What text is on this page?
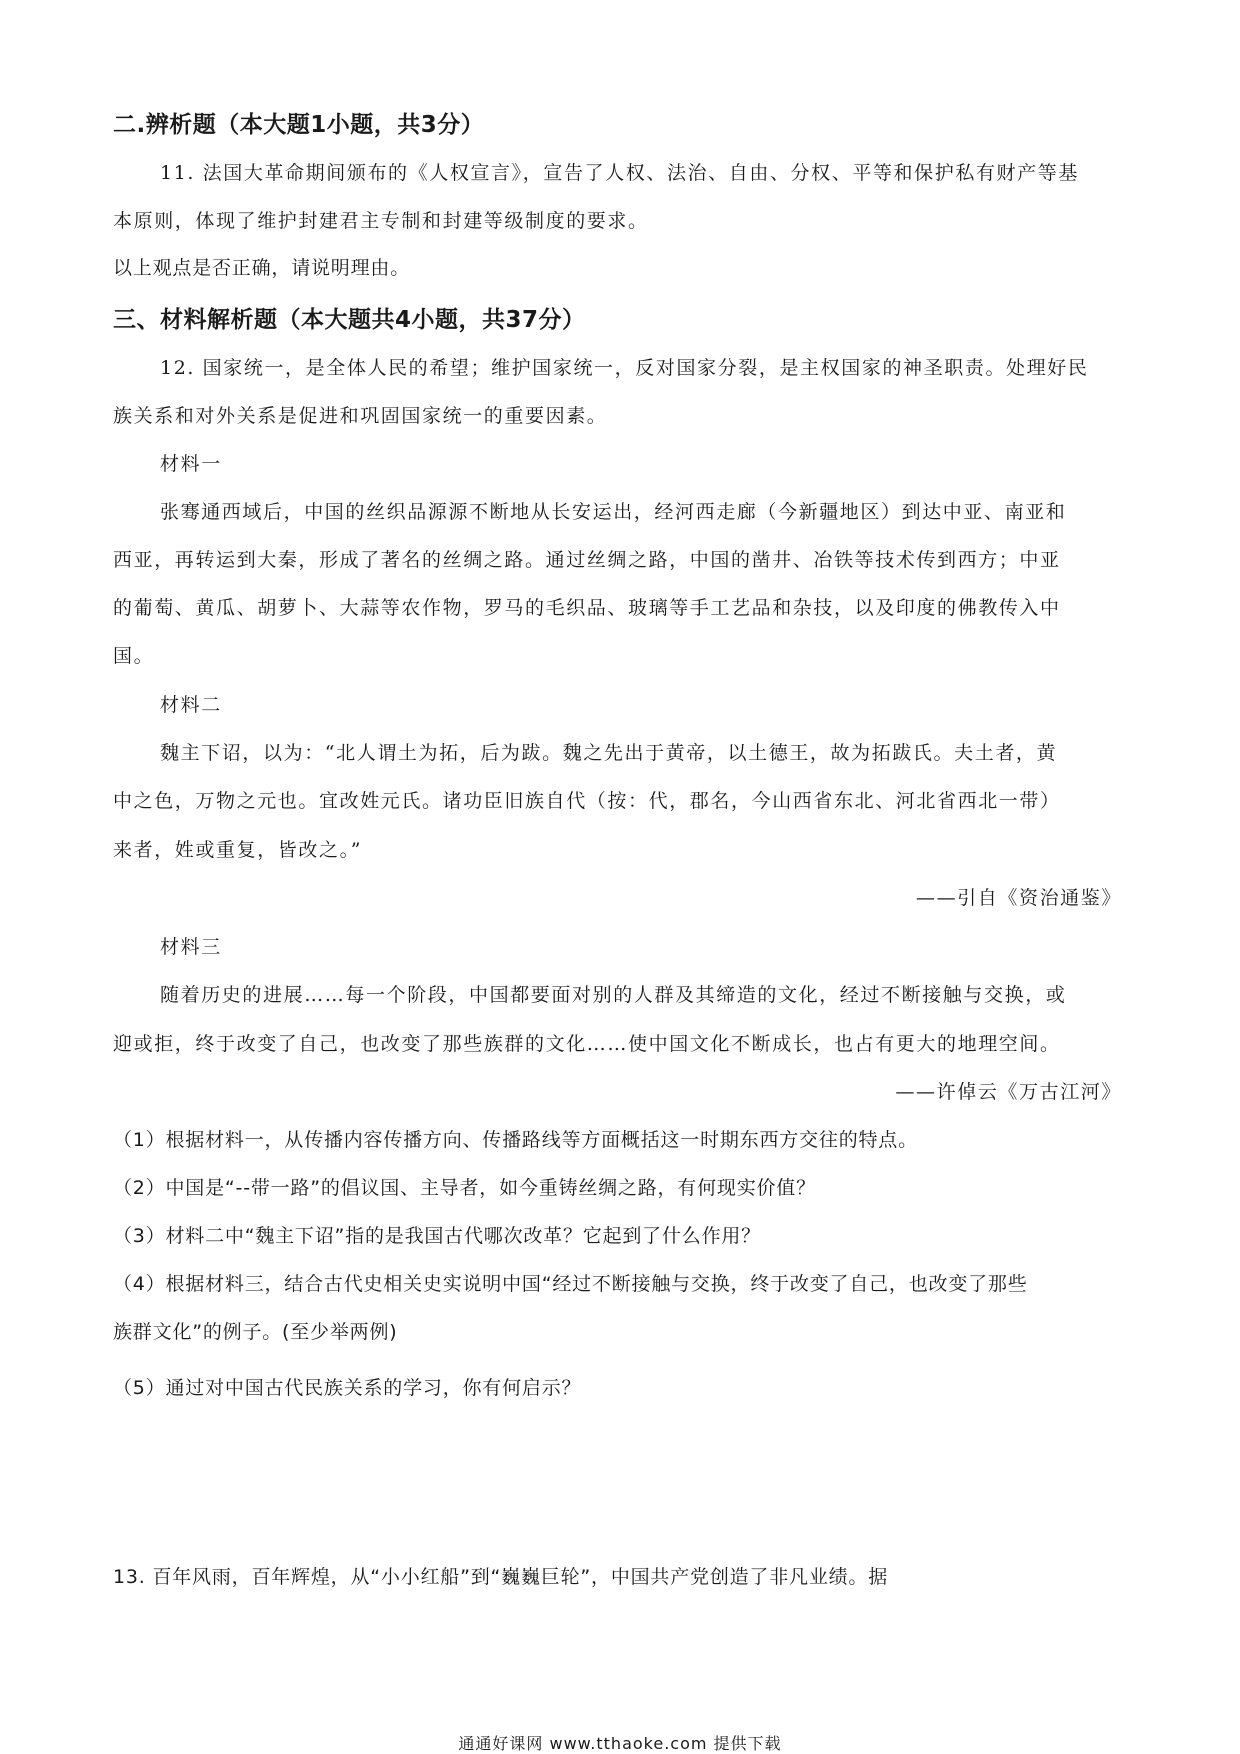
二.辨析题（本大题1小题，共3分）
11. 法国大革命期间颁布的《人权宣言》，宣告了人权、法治、自由、分权、平等和保护私有财产等基
本原则，体现了维护封建君主专制和封建等级制度的要求。
以上观点是否正确，请说明理由。
三、材料解析题（本大题共4小题，共37分）
12. 国家统一，是全体人民的希望；维护国家统一，反对国家分裂，是主权国家的神圣职责。处理好民
族关系和对外关系是促进和巩固国家统一的重要因素。
材料一
张骞通西域后，中国的丝织品源源不断地从长安运出，经河西走廊（今新疆地区）到达中亚、南亚和
西亚，再转运到大秦，形成了著名的丝绸之路。通过丝绸之路，中国的凿井、冶铁等技术传到西方；中亚
的葡萄、黄瓜、胡萝卜、大蒜等农作物，罗马的毛织品、玻璃等手工艺品和杂技，以及印度的佛教传入中
国。
材料二
魏主下诏，以为：“北人谓土为拓，后为跋。魏之先出于黄帝，以土德王，故为拓跋氏。夫土者，黄
中之色，万物之元也。宜改姓元氏。诸功臣旧族自代（按：代，郡名，今山西省东北、河北省西北一带）
来者，姓或重复，皆改之。”
——引自《资治通鉴》
材料三
随着历史的进展……每一个阶段，中国都要面对别的人群及其缔造的文化，经过不断接触与交换，或
迎或拒，终于改变了自己，也改变了那些族群的文化……使中国文化不断成长，也占有更大的地理空间。
——许倬云《万古江河》
（1）根据材料一，从传播内容传播方向、传播路线等方面概括这一时期东西方交往的特点。
（2）中国是“--带一路”的倡议国、主导者，如今重铸丝绸之路，有何现实价值？
（3）材料二中“魏主下诏”指的是我国古代哪次改革？它起到了什么作用？
（4）根据材料三，结合古代史相关史实说明中国“经过不断接触与交换，终于改变了自己，也改变了那些
族群文化”的例子。(至少举两例)
（5）通过对中国古代民族关系的学习，你有何启示？
13. 百年风雨，百年辉煌，从“小小红船”到“巍巍巨轮”，中国共产党创造了非凡业绩。据
通通好课网 www.tthaoke.com 提供下载
